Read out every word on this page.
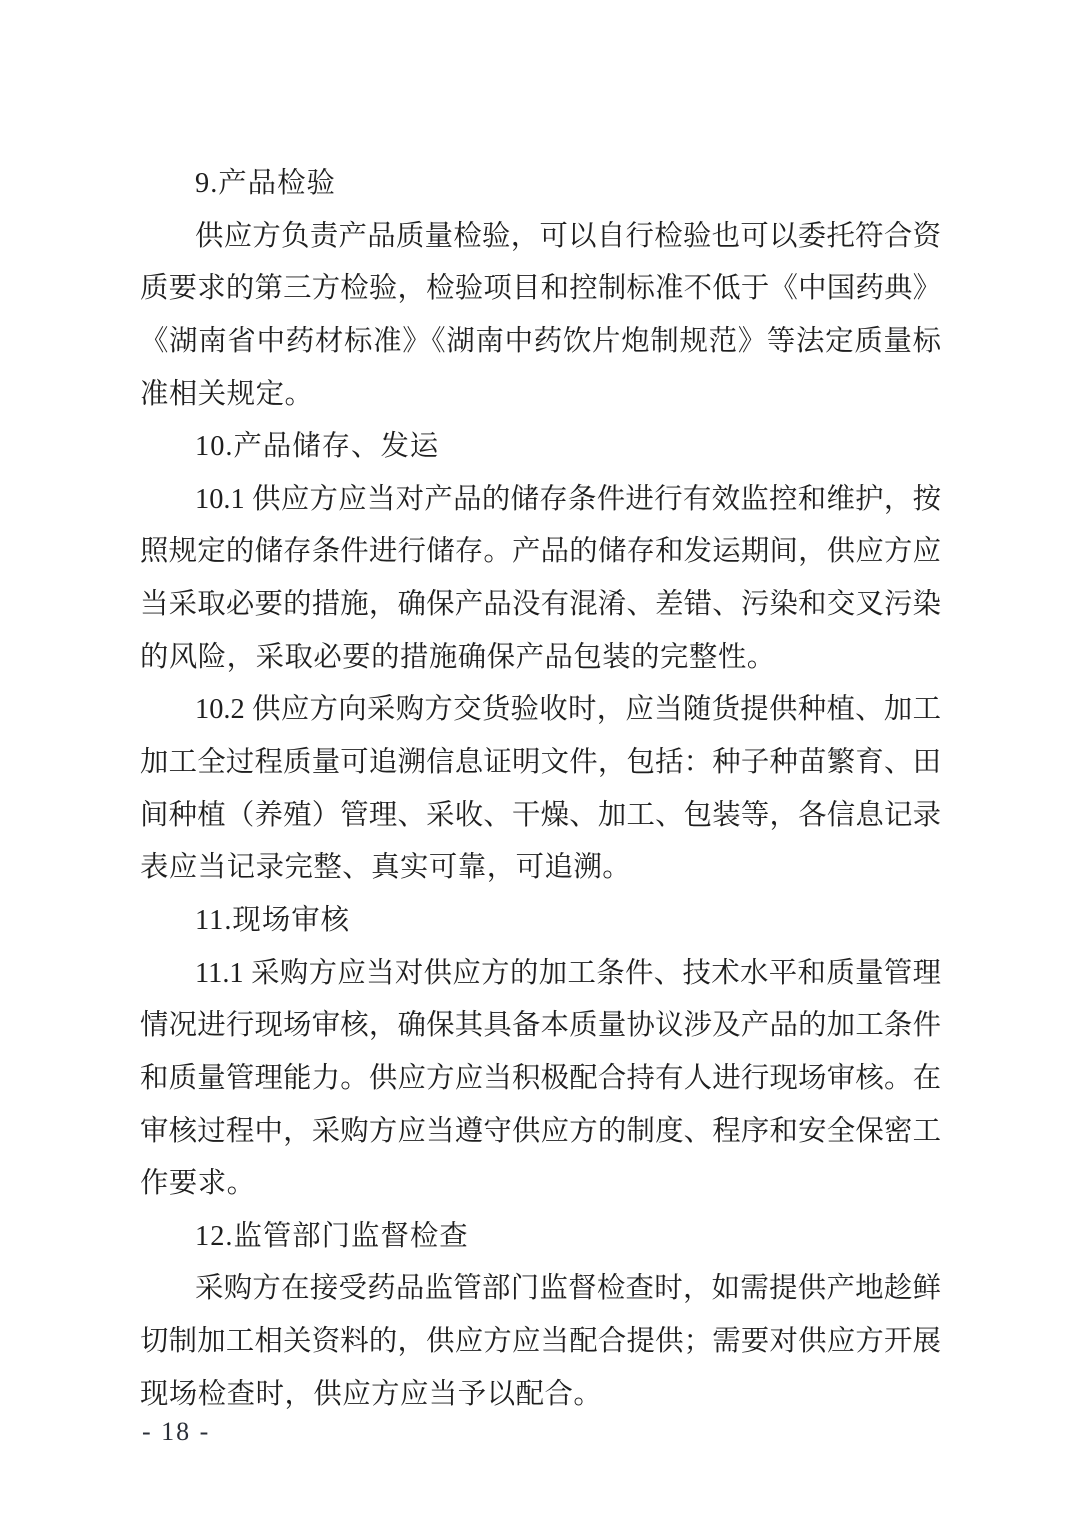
9.产品检验
供应方负责产品质量检验，可以自行检验也可以委托符合资
质要求的第三方检验，检验项目和控制标准不低于《中国药典》
《湖南省中药材标准》《湖南中药饮片炮制规范》等法定质量标
准相关规定。
10.产品储存、发运
10.1 供应方应当对产品的储存条件进行有效监控和维护，按
照规定的储存条件进行储存。产品的储存和发运期间，供应方应
当采取必要的措施，确保产品没有混淆、差错、污染和交叉污染
的风险，采取必要的措施确保产品包装的完整性。
10.2 供应方向采购方交货验收时，应当随货提供种植、加工
加工全过程质量可追溯信息证明文件，包括：种子种苗繁育、田
间种植（养殖）管理、采收、干燥、加工、包装等，各信息记录
表应当记录完整、真实可靠，可追溯。
11.现场审核
11.1 采购方应当对供应方的加工条件、技术水平和质量管理
情况进行现场审核，确保其具备本质量协议涉及产品的加工条件
和质量管理能力。供应方应当积极配合持有人进行现场审核。在
审核过程中，采购方应当遵守供应方的制度、程序和安全保密工
作要求。
12.监管部门监督检查
采购方在接受药品监管部门监督检查时，如需提供产地趁鲜
切制加工相关资料的，供应方应当配合提供；需要对供应方开展
现场检查时，供应方应当予以配合。
- 18 -
